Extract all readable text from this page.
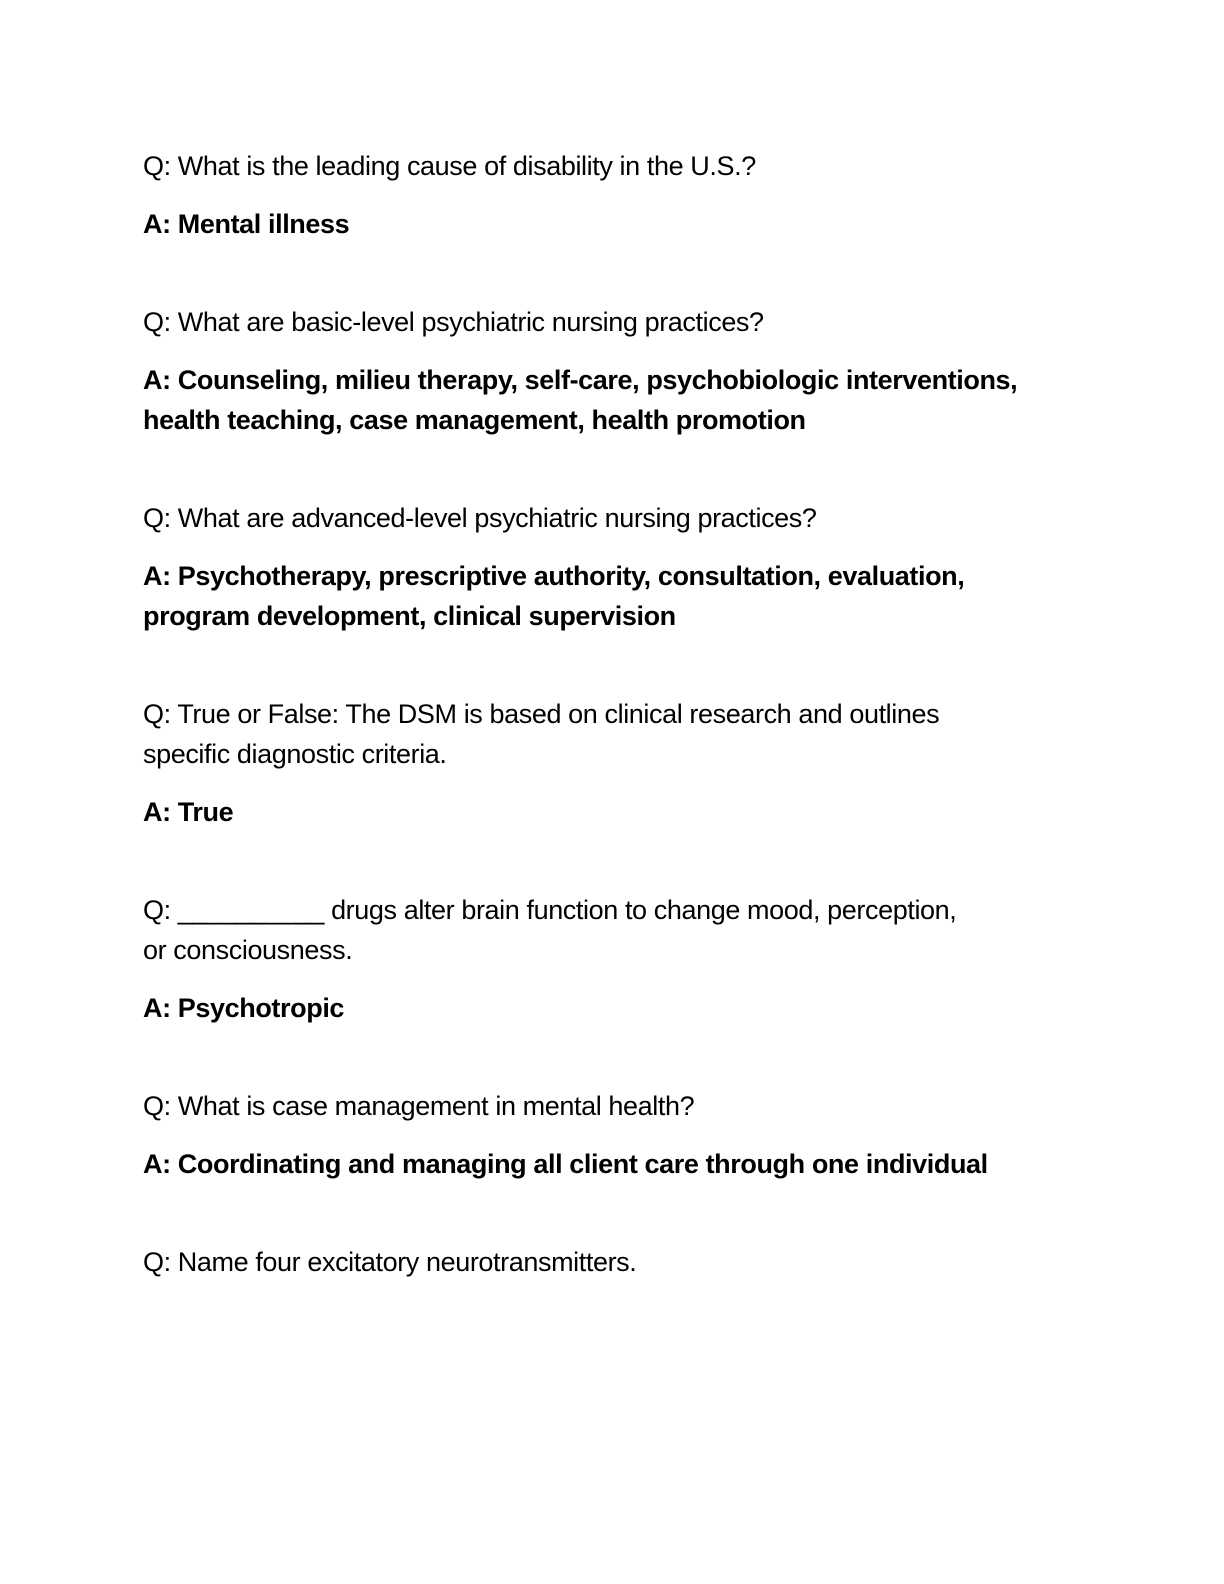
Q: What is the leading cause of disability in the U.S.?
A: Mental illness
Q: What are basic-level psychiatric nursing practices?
A: Counseling, milieu therapy, self-care, psychobiologic interventions,
health teaching, case management, health promotion
Q: What are advanced-level psychiatric nursing practices?
A: Psychotherapy, prescriptive authority, consultation, evaluation,
program development, clinical supervision
Q: True or False: The DSM is based on clinical research and outlines
specific diagnostic criteria.
A: True
Q: __________ drugs alter brain function to change mood, perception,
or consciousness.
A: Psychotropic
Q: What is case management in mental health?
A: Coordinating and managing all client care through one individual
Q: Name four excitatory neurotransmitters.
